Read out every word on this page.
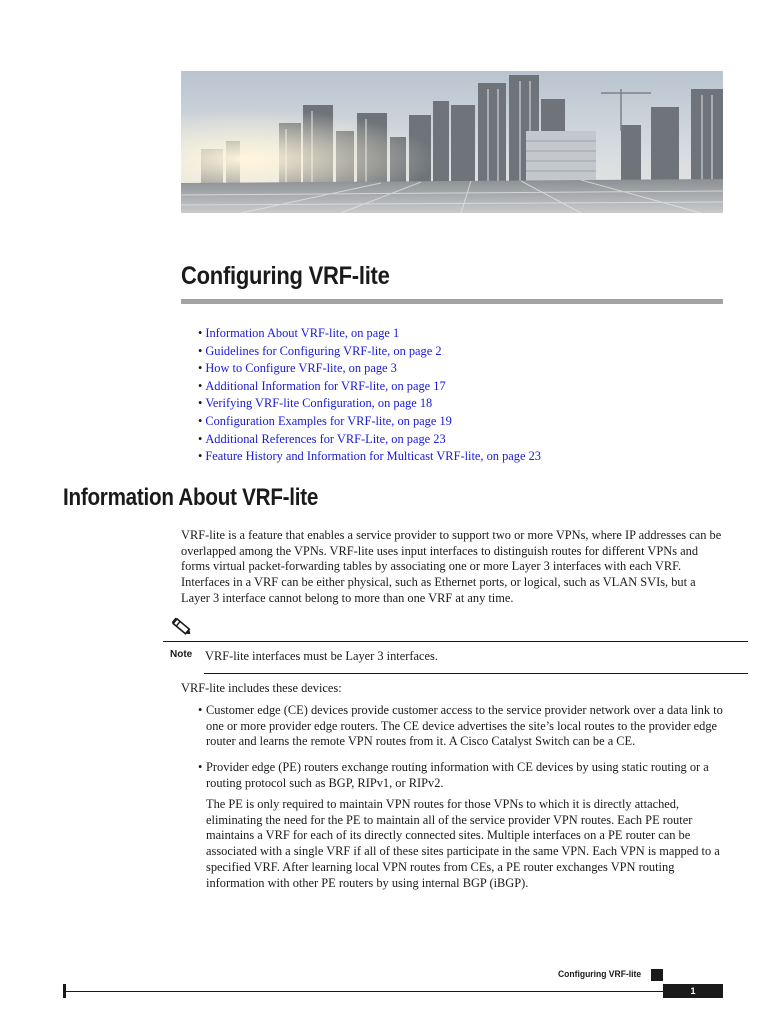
Configuring VRF-lite
• Information About VRF-lite, on page 1
• Guidelines for Configuring VRF-lite, on page 2
• How to Configure VRF-lite, on page 3
• Additional Information for VRF-lite, on page 17
• Verifying VRF-lite Configuration, on page 18
• Configuration Examples for VRF-lite, on page 19
• Additional References for VRF-Lite, on page 23
• Feature History and Information for Multicast VRF-lite, on page 23
Information About VRF-lite

VRF-lite is a feature that enables a service provider to support two or more VPNs, where IP addresses can be overlapped among the VPNs. VRF-lite uses input interfaces to distinguish routes for different VPNs and forms virtual packet-forwarding tables by associating one or more Layer 3 interfaces with each VRF. Interfaces in a VRF can be either physical, such as Ethernet ports, or logical, such as VLAN SVIs, but a Layer 3 interface cannot belong to more than one VRF at any time.

Note VRF-lite interfaces must be Layer 3 interfaces.

VRF-lite includes these devices:

• Customer edge (CE) devices provide customer access to the service provider network over a data link to one or more provider edge routers. The CE device advertises the site’s local routes to the provider edge router and learns the remote VPN routes from it. A Cisco Catalyst Switch can be a CE.

• Provider edge (PE) routers exchange routing information with CE devices by using static routing or a routing protocol such as BGP, RIPv1, or RIPv2.

The PE is only required to maintain VPN routes for those VPNs to which it is directly attached, eliminating the need for the PE to maintain all of the service provider VPN routes. Each PE router maintains a VRF for each of its directly connected sites. Multiple interfaces on a PE router can be associated with a single VRF if all of these sites participate in the same VPN. Each VPN is mapped to a specified VRF. After learning local VPN routes from CEs, a PE router exchanges VPN routing information with other PE routers by using internal BGP (iBGP).

Configuring VRF-lite
1
